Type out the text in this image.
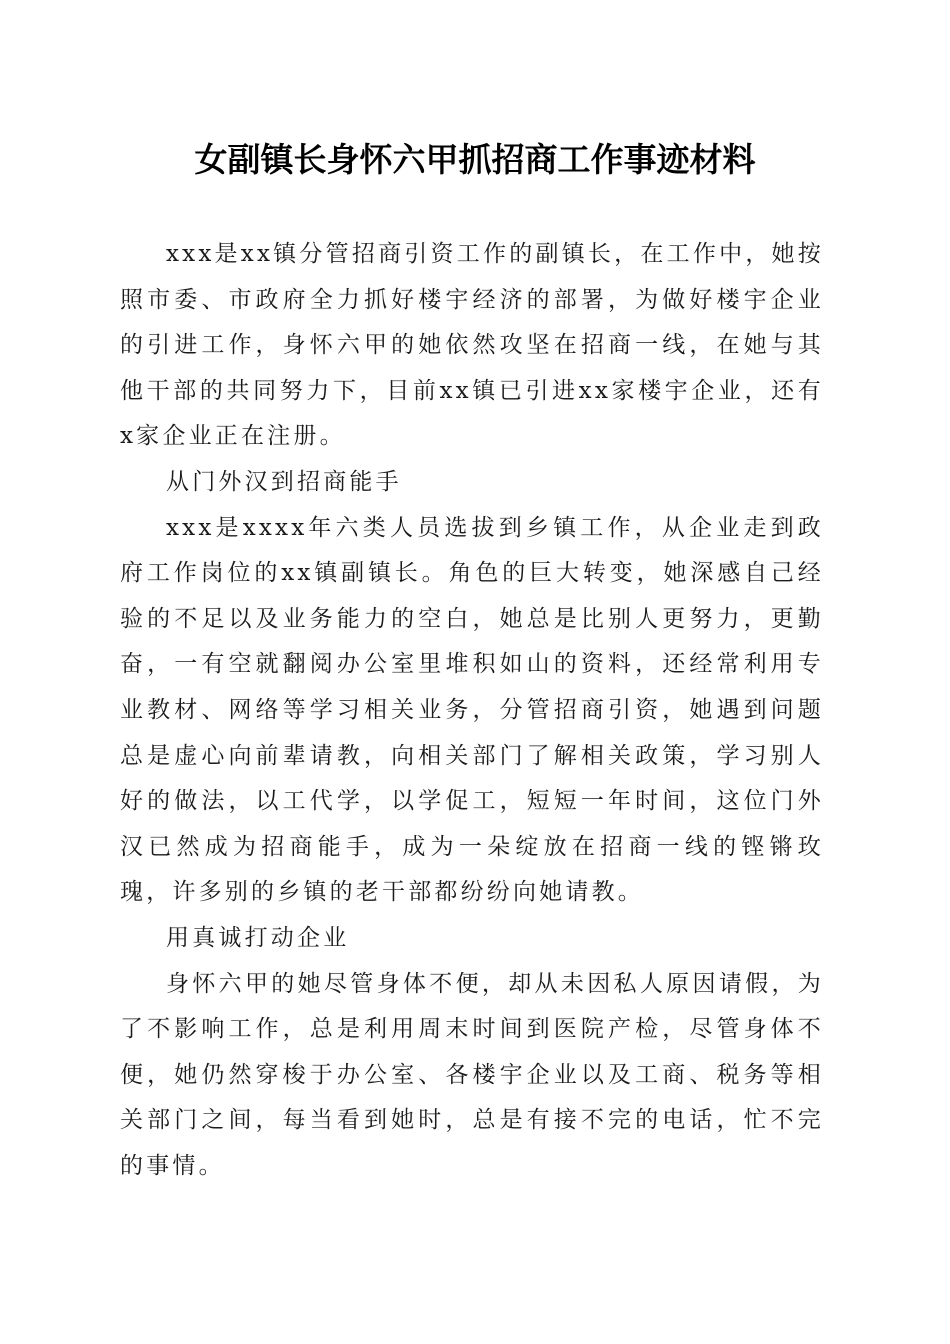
女副镇长身怀六甲抓招商工作事迹材料

xxx是xx镇分管招商引资工作的副镇长，在工作中，她按照市委、市政府全力抓好楼宇经济的部署，为做好楼宇企业的引进工作，身怀六甲的她依然攻坚在招商一线，在她与其他干部的共同努力下，目前xx镇已引进xx家楼宇企业，还有x家企业正在注册。

从门外汉到招商能手

xxx是xxxx年六类人员选拔到乡镇工作，从企业走到政府工作岗位的xx镇副镇长。角色的巨大转变，她深感自己经验的不足以及业务能力的空白，她总是比别人更努力，更勤奋，一有空就翻阅办公室里堆积如山的资料，还经常利用专业教材、网络等学习相关业务，分管招商引资，她遇到问题总是虚心向前辈请教，向相关部门了解相关政策，学习别人好的做法，以工代学，以学促工，短短一年时间，这位门外汉已然成为招商能手，成为一朵绽放在招商一线的铿锵玫瑰，许多别的乡镇的老干部都纷纷向她请教。

用真诚打动企业

身怀六甲的她尽管身体不便，却从未因私人原因请假，为了不影响工作，总是利用周末时间到医院产检，尽管身体不便，她仍然穿梭于办公室、各楼宇企业以及工商、税务等相关部门之间，每当看到她时，总是有接不完的电话，忙不完的事情。
